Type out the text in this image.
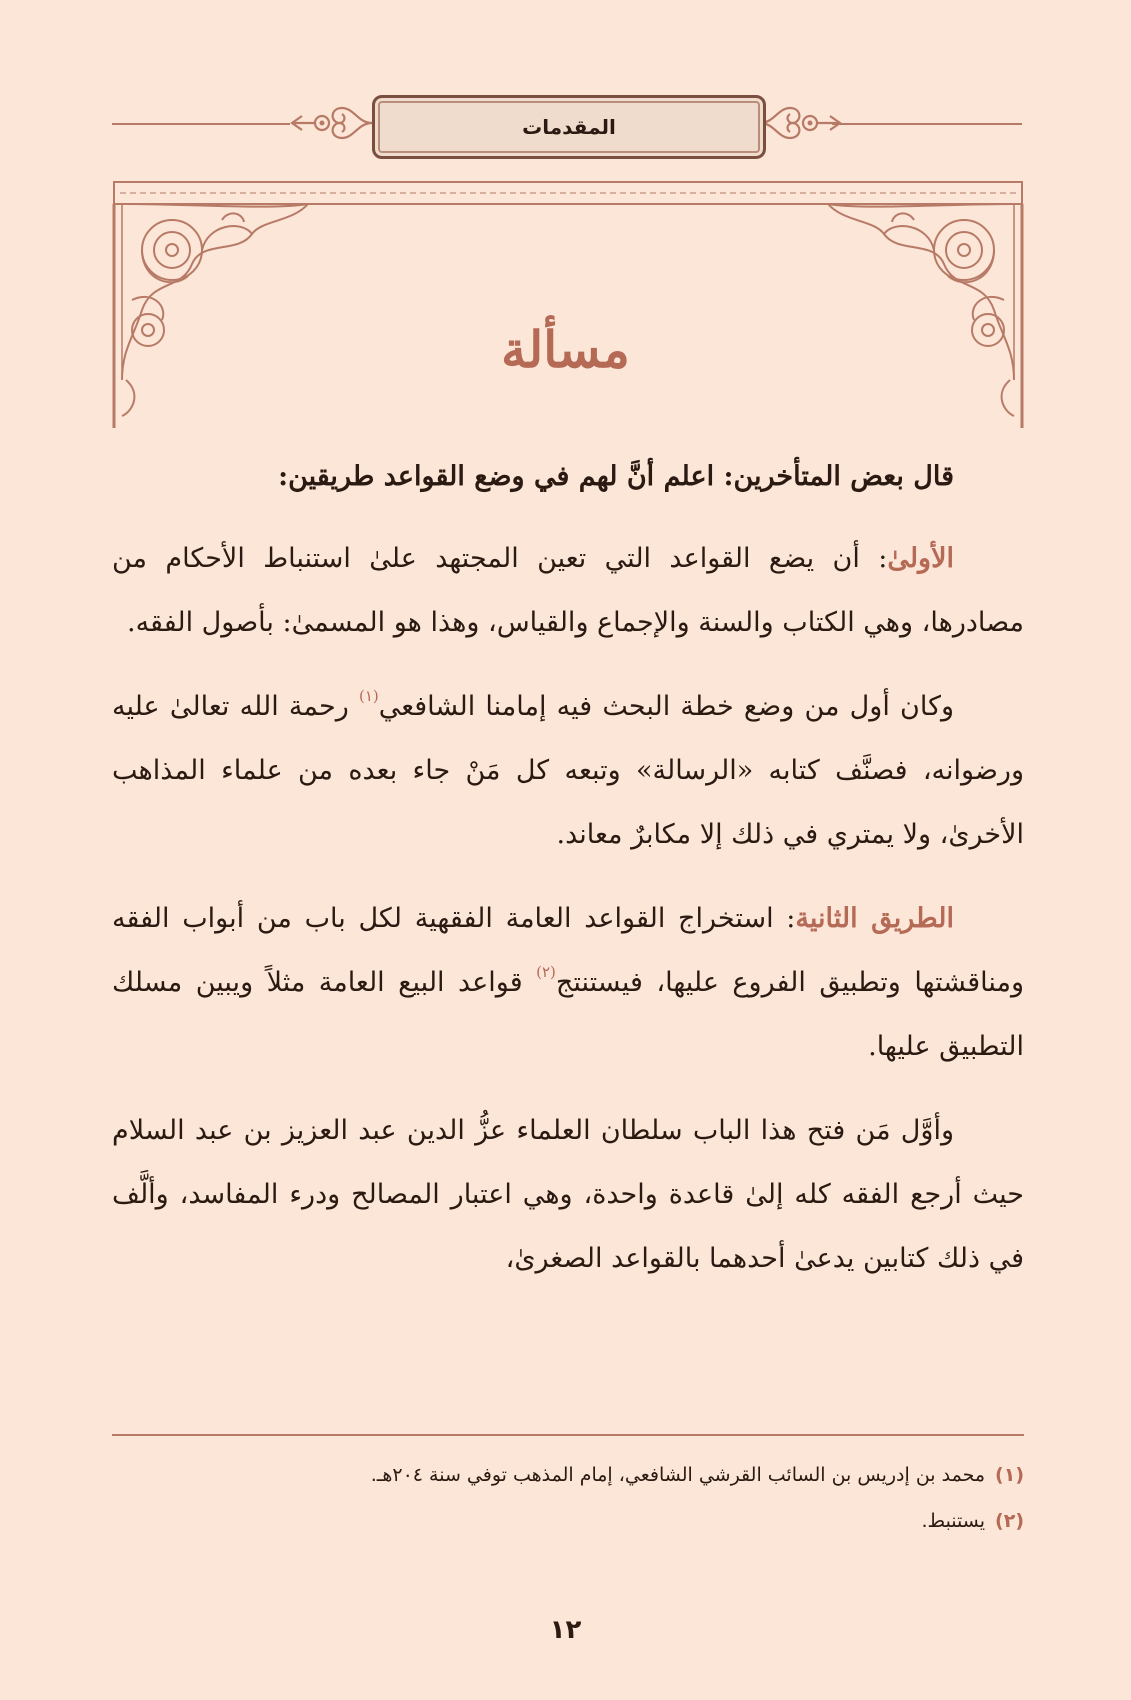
المقدمات
مسألة

قال بعض المتأخرين: اعلم أنَّ لهم في وضع القواعد طريقين:

الأولىٰ: أن يضع القواعد التي تعين المجتهد علىٰ استنباط الأحكام من مصادرها، وهي الكتاب والسنة والإجماع والقياس، وهذا هو المسمىٰ: بأصول الفقه.

وكان أول من وضع خطة البحث فيه إمامنا الشافعي$^{(١)}$ رحمة الله تعالىٰ عليه ورضوانه، فصنَّف كتابه «الرسالة» وتبعه كل مَنْ جاء بعده من علماء المذاهب الأخرىٰ، ولا يمتري في ذلك إلا مكابرٌ معاند.

الطريق الثانية: استخراج القواعد العامة الفقهية لكل باب من أبواب الفقه ومناقشتها وتطبيق الفروع عليها، فيستنتج$^{(٢)}$ قواعد البيع العامة مثلاً ويبين مسلك التطبيق عليها.

وأوَّل مَن فتح هذا الباب سلطان العلماء عزُّ الدين عبد العزيز بن عبد السلام حيث أرجع الفقه كله إلىٰ قاعدة واحدة، وهي اعتبار المصالح ودرء المفاسد، وألَّف في ذلك كتابين يدعىٰ أحدهما بالقواعد الصغرىٰ،

(١)محمد بن إدريس بن السائب القرشي الشافعي، إمام المذهب توفي سنة ٢٠٤هـ.
(٢)يستنبط.
١٢
